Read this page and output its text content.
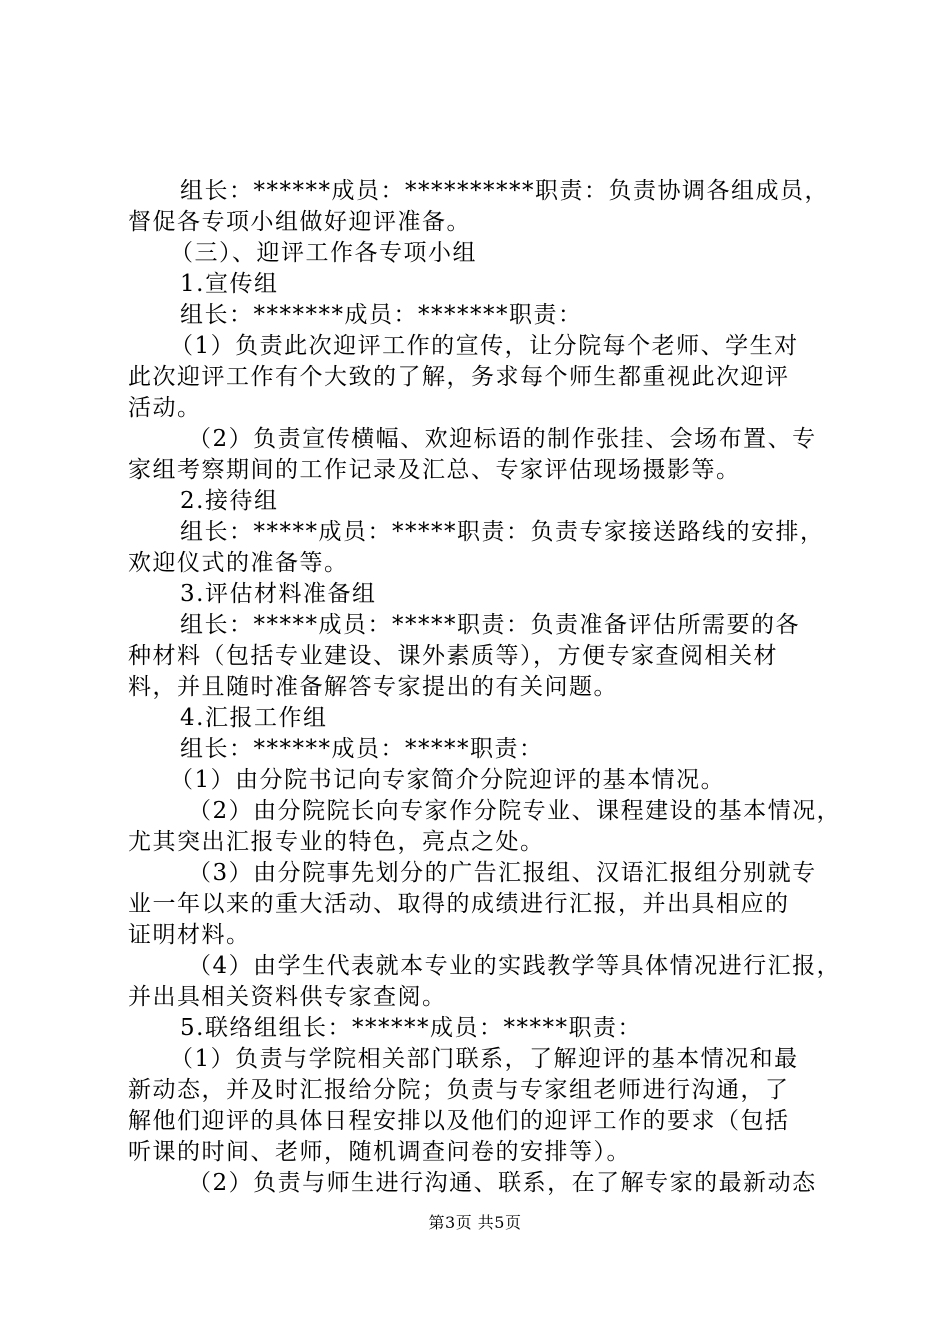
组长：******成员：**********职责：负责协调各组成员，
督促各专项小组做好迎评准备。
（三）、迎评工作各专项小组
1.宣传组
组长：*******成员：*******职责：
（1）负责此次迎评工作的宣传，让分院每个老师、学生对
此次迎评工作有个大致的了解，务求每个师生都重视此次迎评
活动。
（2）负责宣传横幅、欢迎标语的制作张挂、会场布置、专
家组考察期间的工作记录及汇总、专家评估现场摄影等。
2.接待组
组长：*****成员：*****职责：负责专家接送路线的安排，
欢迎仪式的准备等。
3.评估材料准备组
组长：*****成员：*****职责：负责准备评估所需要的各
种材料（包括专业建设、课外素质等），方便专家查阅相关材
料，并且随时准备解答专家提出的有关问题。
4.汇报工作组
组长：******成员：*****职责：
（1）由分院书记向专家简介分院迎评的基本情况。
（2）由分院院长向专家作分院专业、课程建设的基本情况，
尤其突出汇报专业的特色，亮点之处。
（3）由分院事先划分的广告汇报组、汉语汇报组分别就专
业一年以来的重大活动、取得的成绩进行汇报，并出具相应的
证明材料。
（4）由学生代表就本专业的实践教学等具体情况进行汇报，
并出具相关资料供专家查阅。
5.联络组组长：******成员：*****职责：
（1）负责与学院相关部门联系，了解迎评的基本情况和最
新动态，并及时汇报给分院；负责与专家组老师进行沟通，了
解他们迎评的具体日程安排以及他们的迎评工作的要求（包括
听课的时间、老师，随机调查问卷的安排等）。
（2）负责与师生进行沟通、联系，在了解专家的最新动态
第3页 共5页
